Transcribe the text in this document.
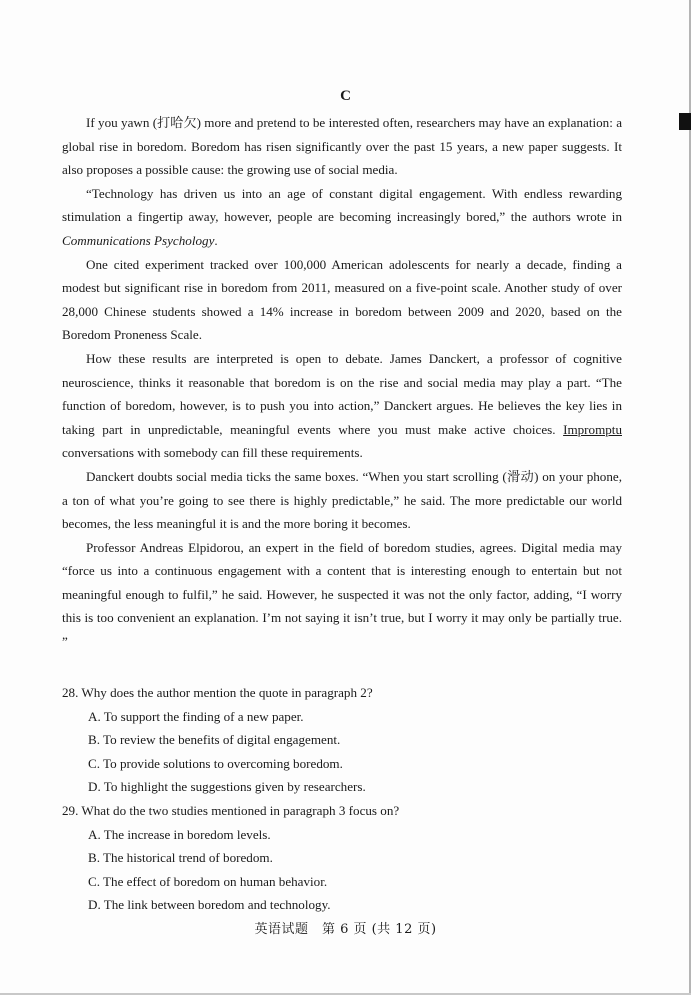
C

If you yawn (打哈欠) more and pretend to be interested often, researchers may have an explanation: a global rise in boredom. Boredom has risen significantly over the past 15 years, a new paper suggests. It also proposes a possible cause: the growing use of social media.

“Technology has driven us into an age of constant digital engagement. With endless rewarding stimulation a fingertip away, however, people are becoming increasingly bored,” the authors wrote in Communications Psychology.

One cited experiment tracked over 100,000 American adolescents for nearly a decade, finding a modest but significant rise in boredom from 2011, measured on a five-point scale. Another study of over 28,000 Chinese students showed a 14% increase in boredom between 2009 and 2020, based on the Boredom Proneness Scale.

How these results are interpreted is open to debate. James Danckert, a professor of cognitive neuroscience, thinks it reasonable that boredom is on the rise and social media may play a part. “The function of boredom, however, is to push you into action,” Danckert argues. He believes the key lies in taking part in unpredictable, meaningful events where you must make active choices. Impromptu conversations with somebody can fill these requirements.

Danckert doubts social media ticks the same boxes. “When you start scrolling (滑动) on your phone, a ton of what you’re going to see there is highly predictable,” he said. The more predictable our world becomes, the less meaningful it is and the more boring it becomes.

Professor Andreas Elpidorou, an expert in the field of boredom studies, agrees. Digital media may “force us into a continuous engagement with a content that is interesting enough to entertain but not meaningful enough to fulfil,” he said. However, he suspected it was not the only factor, adding, “I worry this is too convenient an explanation. I’m not saying it isn’t true, but I worry it may only be partially true. ”

28. Why does the author mention the quote in paragraph 2?

A. To support the finding of a new paper.

B. To review the benefits of digital engagement.

C. To provide solutions to overcoming boredom.

D. To highlight the suggestions given by researchers.

29. What do the two studies mentioned in paragraph 3 focus on?

A. The increase in boredom levels.

B. The historical trend of boredom.

C. The effect of boredom on human behavior.

D. The link between boredom and technology.

英语试题　第 6 页 (共 12 页)
